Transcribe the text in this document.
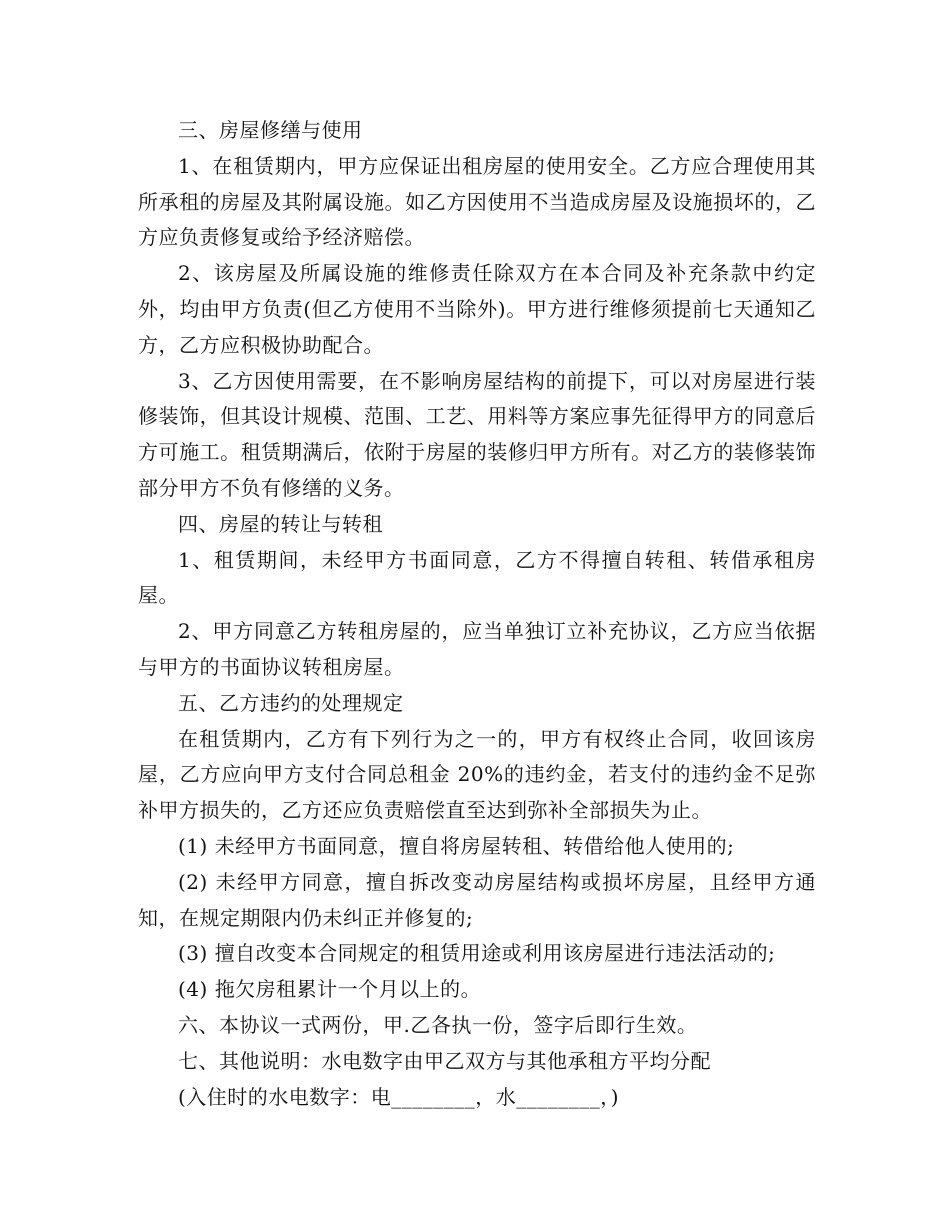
三、房屋修缮与使用

1、在租赁期内，甲方应保证出租房屋的使用安全。乙方应合理使用其所承租的房屋及其附属设施。如乙方因使用不当造成房屋及设施损坏的，乙方应负责修复或给予经济赔偿。

2、该房屋及所属设施的维修责任除双方在本合同及补充条款中约定外，均由甲方负责(但乙方使用不当除外)。甲方进行维修须提前七天通知乙方，乙方应积极协助配合。

3、乙方因使用需要，在不影响房屋结构的前提下，可以对房屋进行装修装饰，但其设计规模、范围、工艺、用料等方案应事先征得甲方的同意后方可施工。租赁期满后，依附于房屋的装修归甲方所有。对乙方的装修装饰部分甲方不负有修缮的义务。

四、房屋的转让与转租

1、租赁期间，未经甲方书面同意，乙方不得擅自转租、转借承租房屋。

2、甲方同意乙方转租房屋的，应当单独订立补充协议，乙方应当依据与甲方的书面协议转租房屋。

五、乙方违约的处理规定

在租赁期内，乙方有下列行为之一的，甲方有权终止合同，收回该房屋，乙方应向甲方支付合同总租金 20%的违约金，若支付的违约金不足弥补甲方损失的，乙方还应负责赔偿直至达到弥补全部损失为止。

(1) 未经甲方书面同意，擅自将房屋转租、转借给他人使用的;

(2) 未经甲方同意，擅自拆改变动房屋结构或损坏房屋，且经甲方通知，在规定期限内仍未纠正并修复的;

(3) 擅自改变本合同规定的租赁用途或利用该房屋进行违法活动的;

(4) 拖欠房租累计一个月以上的。

六、本协议一式两份，甲.乙各执一份，签字后即行生效。

七、其他说明：水电数字由甲乙双方与其他承租方平均分配

(入住时的水电数字：电________，水________，)
